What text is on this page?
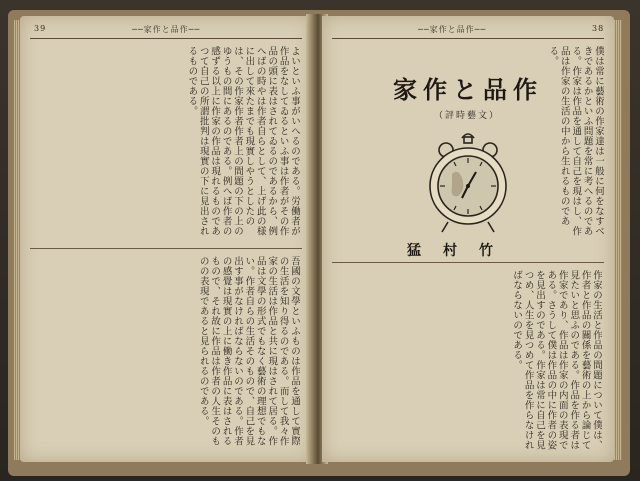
39	──家作と品作──

よいといふ事がいへるのである。労働者が作品をなしてゐるといふ事は作者がその作品の頭に表はされてゐるのであるから、例へばの時やは作者自らとして、上げ此の様に出して來たまでも現實しやうとしたのは、その作家作者作者上の間題の下の上のゆうもの間にあるのである。例へば作者の感ずる以上に作家の作品は現れるものであつて自己の所謂批判は現實の下に見出されるものである。

吾國の文學といふものは作品を通して實際の生活を知り得るのである。而して我々作家の生活は作品と共に現はされて居る。作品は文學の形式でもなく藝術の理想でもない。作者自らの生活そのもので、自己を見出す事がなければならないのである。作者の感覺は現實の上に働き作品に表はされるもので、それ故に作品は作者の人生そのものの表現であると見られるのである。

──家作と品作──	38

僕は常に藝術の作家達は一般に何をなすべきであるかといふ問題を常に考へるのである。作家は作品を通して自己を現はし、作品は作家の生活の中から生れるものである。

家作と品作
（評時藝文）
猛村竹

作家の生活と作品の間題について僕は、作者と作品の關係を藝術の上から論じて見たいと思ふのである。作品を作る者は作家であり、作品は作家の内面の表現である。さうして僕は作品の中に作者の姿を見出すのである。作家は常に自己を見つめ、人生を見つめて作品を作らなければならないのである。
